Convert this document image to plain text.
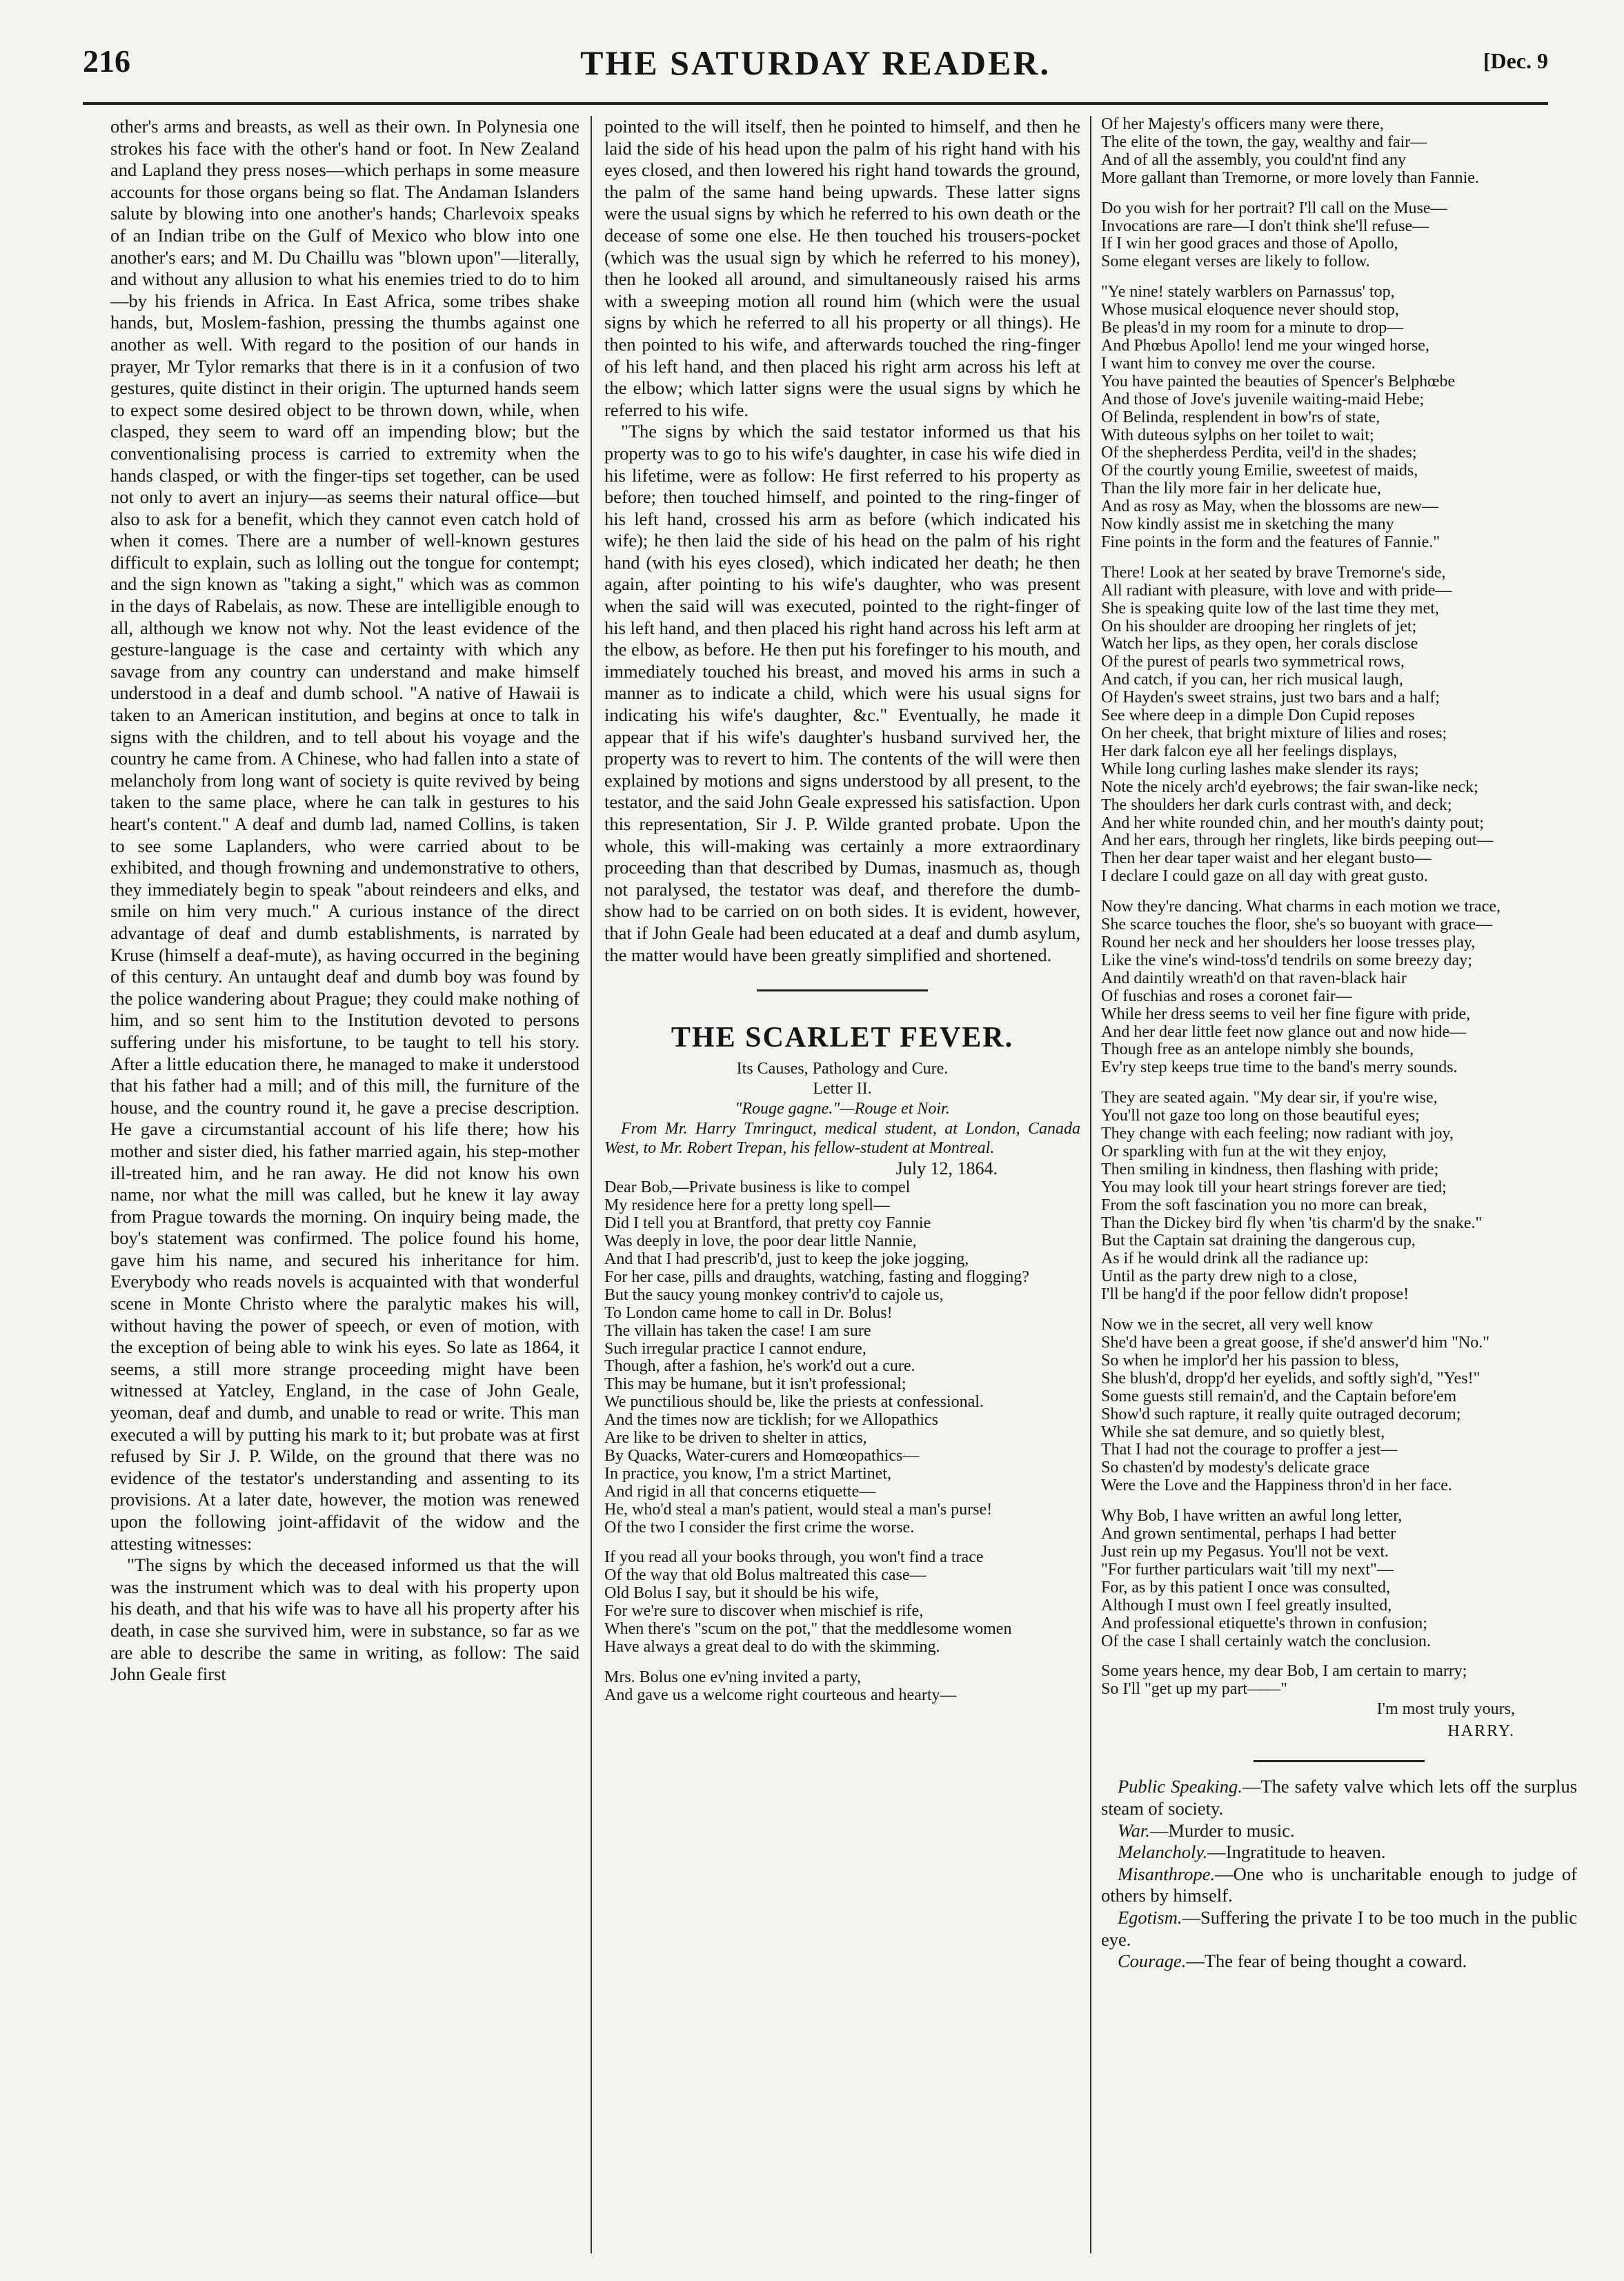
216	THE SATURDAY READER.	[Dec. 9

other's arms and breasts, as well as their own. In Polynesia one strokes his face with the other's hand or foot. In New Zealand and Lapland they press noses—which perhaps in some measure accounts for those organs being so flat. The Andaman Islanders salute by blowing into one another's hands; Charlevoix speaks of an Indian tribe on the Gulf of Mexico who blow into one another's ears; and M. Du Chaillu was "blown upon"—literally, and without any allusion to what his enemies tried to do to him—by his friends in Africa. In East Africa, some tribes shake hands, but, Moslem-fashion, pressing the thumbs against one another as well. With regard to the position of our hands in prayer, Mr Tylor remarks that there is in it a confusion of two gestures, quite distinct in their origin. The upturned hands seem to expect some desired object to be thrown down, while, when clasped, they seem to ward off an impending blow; but the conventionalising process is carried to extremity when the hands clasped, or with the finger-tips set together, can be used not only to avert an injury—as seems their natural office—but also to ask for a benefit, which they cannot even catch hold of when it comes. There are a number of well-known gestures difficult to explain, such as lolling out the tongue for contempt; and the sign known as "taking a sight," which was as common in the days of Rabelais, as now. These are intelligible enough to all, although we know not why. Not the least evidence of the gesture-language is the case and certainty with which any savage from any country can understand and make himself understood in a deaf and dumb school. "A native of Hawaii is taken to an American institution, and begins at once to talk in signs with the children, and to tell about his voyage and the country he came from. A Chinese, who had fallen into a state of melancholy from long want of society is quite revived by being taken to the same place, where he can talk in gestures to his heart's content." A deaf and dumb lad, named Collins, is taken to see some Laplanders, who were carried about to be exhibited, and though frowning and undemonstrative to others, they immediately begin to speak "about reindeers and elks, and smile on him very much." A curious instance of the direct advantage of deaf and dumb establishments, is narrated by Kruse (himself a deaf-mute), as having occurred in the begining of this century. An untaught deaf and dumb boy was found by the police wandering about Prague; they could make nothing of him, and so sent him to the Institution devoted to persons suffering under his misfortune, to be taught to tell his story. After a little education there, he managed to make it understood that his father had a mill; and of this mill, the furniture of the house, and the country round it, he gave a precise description. He gave a circumstantial account of his life there; how his mother and sister died, his father married again, his step-mother ill-treated him, and he ran away. He did not know his own name, nor what the mill was called, but he knew it lay away from Prague towards the morning. On inquiry being made, the boy's statement was confirmed. The police found his home, gave him his name, and secured his inheritance for him. Everybody who reads novels is acquainted with that wonderful scene in Monte Christo where the paralytic makes his will, without having the power of speech, or even of motion, with the exception of being able to wink his eyes. So late as 1864, it seems, a still more strange proceeding might have been witnessed at Yatcley, England, in the case of John Geale, yeoman, deaf and dumb, and unable to read or write. This man executed a will by putting his mark to it; but probate was at first refused by Sir J. P. Wilde, on the ground that there was no evidence of the testator's understanding and assenting to its provisions. At a later date, however, the motion was renewed upon the following joint-affidavit of the widow and the attesting witnesses:

"The signs by which the deceased informed us that the will was the instrument which was to deal with his property upon his death, and that his wife was to have all his property after his death, in case she survived him, were in substance, so far as we are able to describe the same in writing, as follow: The said John Geale first

pointed to the will itself, then he pointed to himself, and then he laid the side of his head upon the palm of his right hand with his eyes closed, and then lowered his right hand towards the ground, the palm of the same hand being upwards. These latter signs were the usual signs by which he referred to his own death or the decease of some one else. He then touched his trousers-pocket (which was the usual sign by which he referred to his money), then he looked all around, and simultaneously raised his arms with a sweeping motion all round him (which were the usual signs by which he referred to all his property or all things). He then pointed to his wife, and afterwards touched the ring-finger of his left hand, and then placed his right arm across his left at the elbow; which latter signs were the usual signs by which he referred to his wife.

"The signs by which the said testator informed us that his property was to go to his wife's daughter, in case his wife died in his lifetime, were as follow: He first referred to his property as before; then touched himself, and pointed to the ring-finger of his left hand, crossed his arm as before (which indicated his wife); he then laid the side of his head on the palm of his right hand (with his eyes closed), which indicated her death; he then again, after pointing to his wife's daughter, who was present when the said will was executed, pointed to the right-finger of his left hand, and then placed his right hand across his left arm at the elbow, as before. He then put his forefinger to his mouth, and immediately touched his breast, and moved his arms in such a manner as to indicate a child, which were his usual signs for indicating his wife's daughter, &c." Eventually, he made it appear that if his wife's daughter's husband survived her, the property was to revert to him. The contents of the will were then explained by motions and signs understood by all present, to the testator, and the said John Geale expressed his satisfaction. Upon this representation, Sir J. P. Wilde granted probate. Upon the whole, this will-making was certainly a more extraordinary proceeding than that described by Dumas, inasmuch as, though not paralysed, the testator was deaf, and therefore the dumb-show had to be carried on on both sides. It is evident, however, that if John Geale had been educated at a deaf and dumb asylum, the matter would have been greatly simplified and shortened.

THE SCARLET FEVER.

Its Causes, Pathology and Cure.

Letter II.

"Rouge gagne."—Rouge et Noir.

From Mr. Harry Tmringuct, medical student, at London, Canada West, to Mr. Robert Trepan, his fellow-student at Montreal.

July 12, 1864.

Dear Bob,—Private business is like to compel
My residence here for a pretty long spell—
Did I tell you at Brantford, that pretty coy Fannie
Was deeply in love, the poor dear little Nannie,
And that I had prescrib'd, just to keep the joke jogging,
For her case, pills and draughts, watching, fasting and flogging?
But the saucy young monkey contriv'd to cajole us,
To London came home to call in Dr. Bolus!
The villain has taken the case! I am sure
Such irregular practice I cannot endure,
Though, after a fashion, he's work'd out a cure.
This may be humane, but it isn't professional;
We punctilious should be, like the priests at confessional.
And the times now are ticklish; for we Allopathics
Are like to be driven to shelter in attics,
By Quacks, Water-curers and Homœopathics—
In practice, you know, I'm a strict Martinet,
And rigid in all that concerns etiquette—
He, who'd steal a man's patient, would steal a man's purse!
Of the two I consider the first crime the worse.
If you read all your books through, you won't find a trace
Of the way that old Bolus maltreated this case—
Old Bolus I say, but it should be his wife,
For we're sure to discover when mischief is rife,
When there's "scum on the pot," that the meddlesome women
Have always a great deal to do with the skimming.
Mrs. Bolus one ev'ning invited a party,
And gave us a welcome right courteous and hearty—
Of her Majesty's officers many were there,
The elite of the town, the gay, wealthy and fair—
And of all the assembly, you could'nt find any
More gallant than Tremorne, or more lovely than Fannie.
Do you wish for her portrait? I'll call on the Muse—
Invocations are rare—I don't think she'll refuse—
If I win her good graces and those of Apollo,
Some elegant verses are likely to follow.
"Ye nine! stately warblers on Parnassus' top,
Whose musical eloquence never should stop,
Be pleas'd in my room for a minute to drop—
And Phœbus Apollo! lend me your winged horse,
I want him to convey me over the course.
You have painted the beauties of Spencer's Belphœbe
And those of Jove's juvenile waiting-maid Hebe;
Of Belinda, resplendent in bow'rs of state,
With duteous sylphs on her toilet to wait;
Of the shepherdess Perdita, veil'd in the shades;
Of the courtly young Emilie, sweetest of maids,
Than the lily more fair in her delicate hue,
And as rosy as May, when the blossoms are new—
Now kindly assist me in sketching the many
Fine points in the form and the features of Fannie."
There! Look at her seated by brave Tremorne's side,
All radiant with pleasure, with love and with pride—
She is speaking quite low of the last time they met,
On his shoulder are drooping her ringlets of jet;
Watch her lips, as they open, her corals disclose
Of the purest of pearls two symmetrical rows,
And catch, if you can, her rich musical laugh,
Of Hayden's sweet strains, just two bars and a half;
See where deep in a dimple Don Cupid reposes
On her cheek, that bright mixture of lilies and roses;
Her dark falcon eye all her feelings displays,
While long curling lashes make slender its rays;
Note the nicely arch'd eyebrows; the fair swan-like neck;
The shoulders her dark curls contrast with, and deck;
And her white rounded chin, and her mouth's dainty pout;
And her ears, through her ringlets, like birds peeping out—
Then her dear taper waist and her elegant busto—
I declare I could gaze on all day with great gusto.
Now they're dancing. What charms in each motion we trace,
She scarce touches the floor, she's so buoyant with grace—
Round her neck and her shoulders her loose tresses play,
Like the vine's wind-toss'd tendrils on some breezy day;
And daintily wreath'd on that raven-black hair
Of fuschias and roses a coronet fair—
While her dress seems to veil her fine figure with pride,
And her dear little feet now glance out and now hide—
Though free as an antelope nimbly she bounds,
Ev'ry step keeps true time to the band's merry sounds.
They are seated again. "My dear sir, if you're wise,
You'll not gaze too long on those beautiful eyes;
They change with each feeling; now radiant with joy,
Or sparkling with fun at the wit they enjoy,
Then smiling in kindness, then flashing with pride;
You may look till your heart strings forever are tied;
From the soft fascination you no more can break,
Than the Dickey bird fly when 'tis charm'd by the snake."
But the Captain sat draining the dangerous cup,
As if he would drink all the radiance up:
Until as the party drew nigh to a close,
I'll be hang'd if the poor fellow didn't propose!
Now we in the secret, all very well know
She'd have been a great goose, if she'd answer'd him "No."
So when he implor'd her his passion to bless,
She blush'd, dropp'd her eyelids, and softly sigh'd, "Yes!"
Some guests still remain'd, and the Captain before'em
Show'd such rapture, it really quite outraged decorum;
While she sat demure, and so quietly blest,
That I had not the courage to proffer a jest—
So chasten'd by modesty's delicate grace
Were the Love and the Happiness thron'd in her face.
Why Bob, I have written an awful long letter,
And grown sentimental, perhaps I had better
Just rein up my Pegasus. You'll not be vext.
"For further particulars wait 'till my next"—
For, as by this patient I once was consulted,
Although I must own I feel greatly insulted,
And professional etiquette's thrown in confusion;
Of the case I shall certainly watch the conclusion.
Some years hence, my dear Bob, I am certain to marry;
So I'll "get up my part——"

I'm most truly yours,

HARRY.

Public Speaking.—The safety valve which lets off the surplus steam of society.

War.—Murder to music.

Melancholy.—Ingratitude to heaven.

Misanthrope.—One who is uncharitable enough to judge of others by himself.

Egotism.—Suffering the private I to be too much in the public eye.

Courage.—The fear of being thought a coward.
